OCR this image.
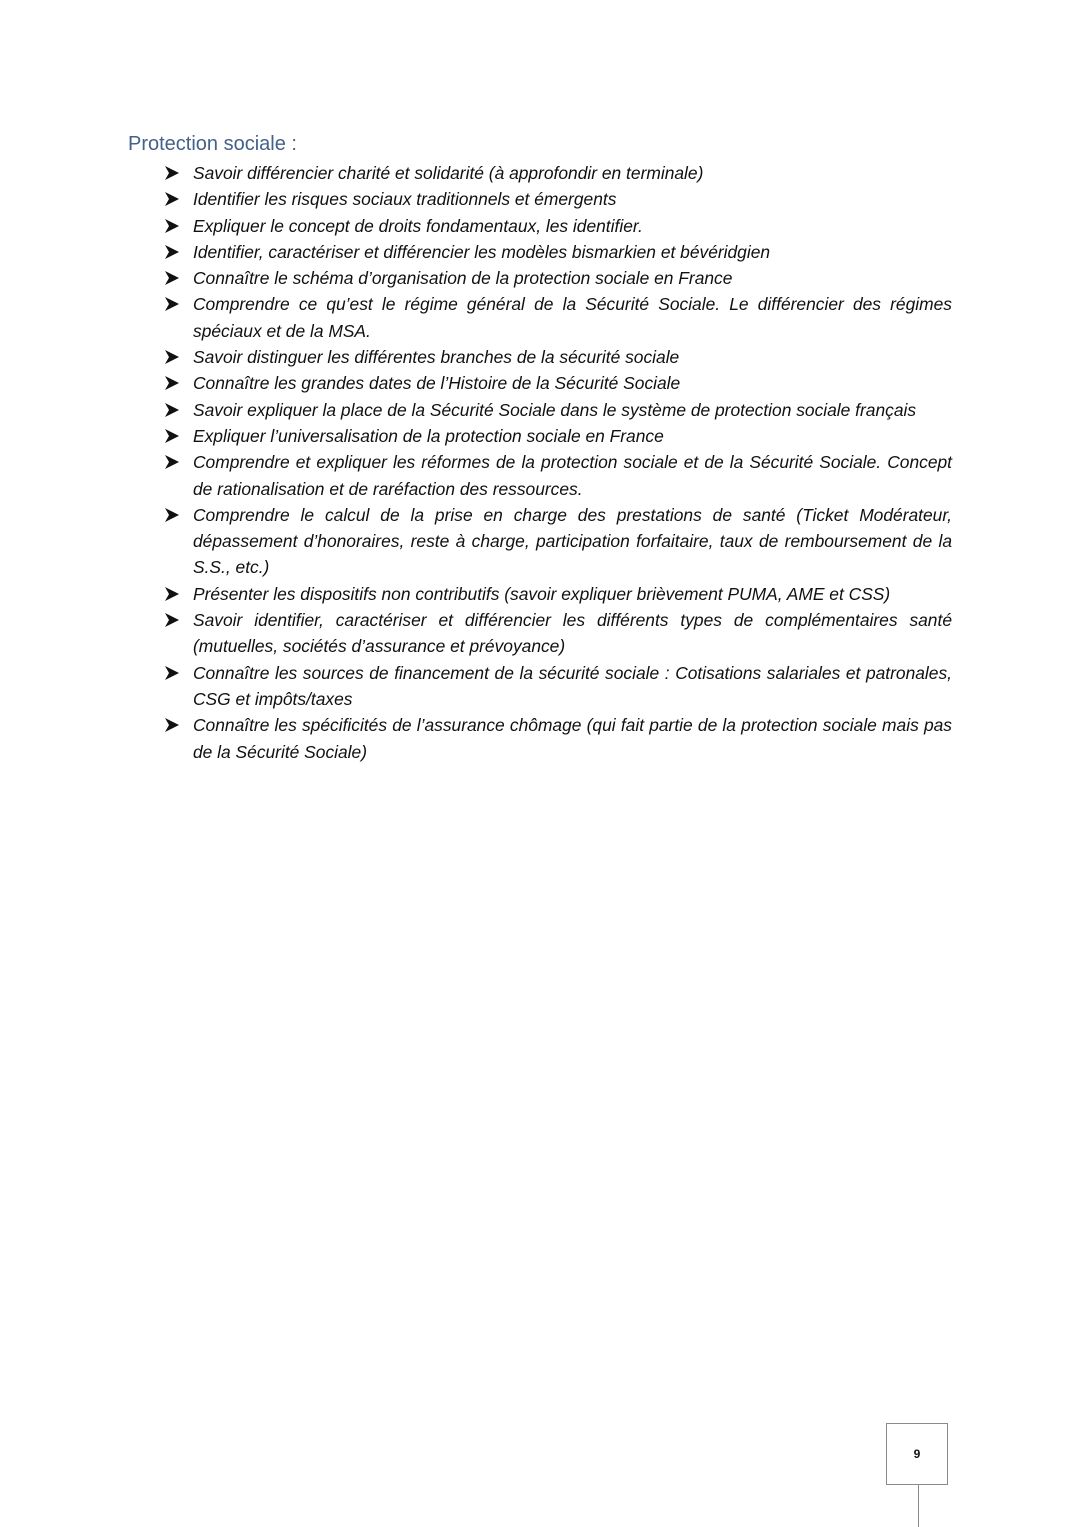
Protection sociale :
Savoir différencier charité et solidarité (à approfondir en terminale)
Identifier les risques sociaux traditionnels et émergents
Expliquer le concept de droits fondamentaux, les identifier.
Identifier, caractériser et différencier les modèles bismarkien et bévéridgien
Connaître le schéma d’organisation de la protection sociale en France
Comprendre ce qu’est le régime général de la Sécurité Sociale. Le différencier des régimes spéciaux et de la MSA.
Savoir distinguer les différentes branches de la sécurité sociale
Connaître les grandes dates de l’Histoire de la Sécurité Sociale
Savoir expliquer la place de la Sécurité Sociale dans le système de protection sociale français
Expliquer l’universalisation de la protection sociale en France
Comprendre et expliquer les réformes de la protection sociale et de la Sécurité Sociale. Concept de rationalisation et de raréfaction des ressources.
Comprendre le calcul de la prise en charge des prestations de santé (Ticket Modérateur, dépassement d’honoraires, reste à charge, participation forfaitaire, taux de remboursement de la S.S., etc.)
Présenter les dispositifs non contributifs (savoir expliquer brièvement PUMA, AME et CSS)
Savoir identifier, caractériser et différencier les différents types de complémentaires santé (mutuelles, sociétés d’assurance et prévoyance)
Connaître les sources de financement de la sécurité sociale : Cotisations salariales et patronales, CSG et impôts/taxes
Connaître les spécificités de l’assurance chômage (qui fait partie de la protection sociale mais pas de la Sécurité Sociale)
9
